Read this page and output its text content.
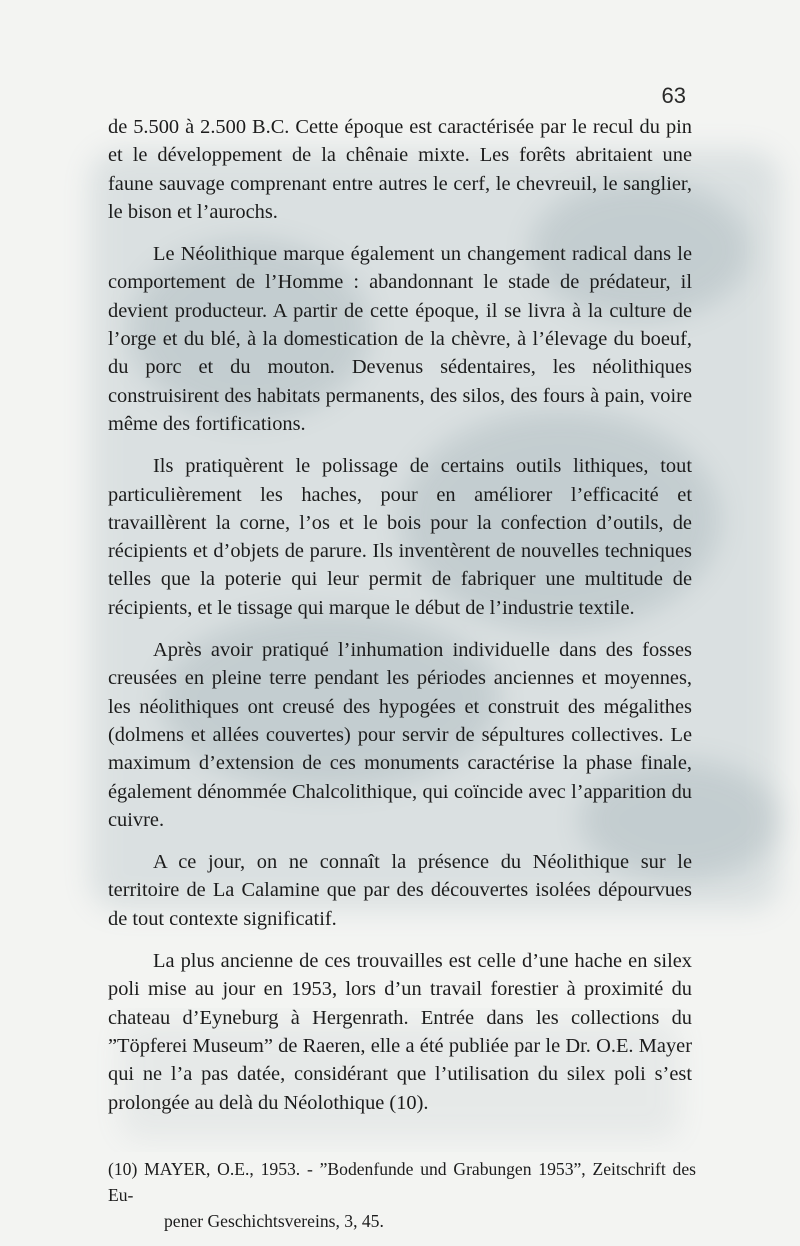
63

de 5.500 à 2.500 B.C. Cette époque est caractérisée par le recul du pin et le développement de la chênaie mixte. Les forêts abritaient une faune sauvage comprenant entre autres le cerf, le chevreuil, le sanglier, le bison et l’aurochs.

Le Néolithique marque également un changement radical dans le comportement de l’Homme : abandonnant le stade de prédateur, il devient producteur. A partir de cette époque, il se livra à la culture de l’orge et du blé, à la domestication de la chèvre, à l’élevage du boeuf, du porc et du mouton. Devenus sédentaires, les néolithiques construisirent des habitats permanents, des silos, des fours à pain, voire même des fortifications.

Ils pratiquèrent le polissage de certains outils lithiques, tout particulièrement les haches, pour en améliorer l’efficacité et travaillèrent la corne, l’os et le bois pour la confection d’outils, de récipients et d’objets de parure. Ils inventèrent de nouvelles techniques telles que la poterie qui leur permit de fabriquer une multitude de récipients, et le tissage qui marque le début de l’industrie textile.

Après avoir pratiqué l’inhumation individuelle dans des fosses creusées en pleine terre pendant les périodes anciennes et moyennes, les néolithiques ont creusé des hypogées et construit des mégalithes (dolmens et allées couvertes) pour servir de sépultures collectives. Le maximum d’extension de ces monuments caractérise la phase finale, également dénommée Chalcolithique, qui coïncide avec l’apparition du cuivre.

A ce jour, on ne connaît la présence du Néolithique sur le territoire de La Calamine que par des découvertes isolées dépourvues de tout contexte significatif.

La plus ancienne de ces trouvailles est celle d’une hache en silex poli mise au jour en 1953, lors d’un travail forestier à proximité du chateau d’Eyneburg à Hergenrath. Entrée dans les collections du ”Töpferei Museum” de Raeren, elle a été publiée par le Dr. O.E. Mayer qui ne l’a pas datée, considérant que l’utilisation du silex poli s’est prolongée au delà du Néolothique (10).

(10) MAYER, O.E., 1953. - ”Bodenfunde und Grabungen 1953”, Zeitschrift des Eu-
pener Geschichtsvereins, 3, 45.
